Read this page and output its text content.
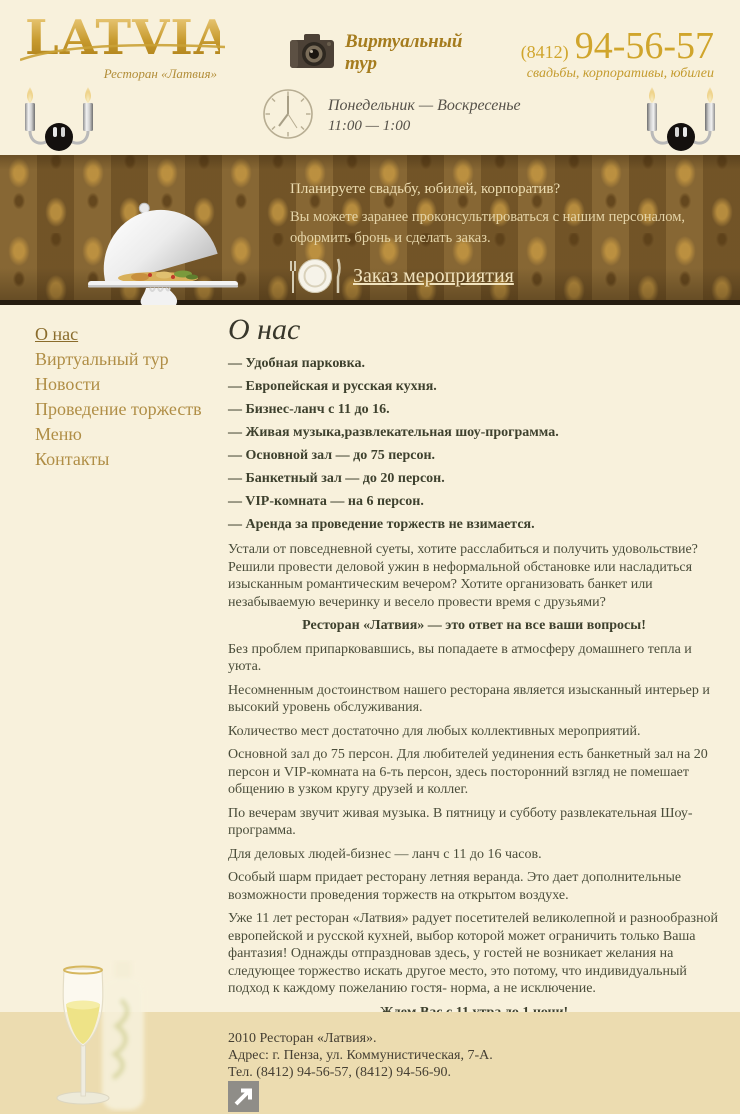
LATVIA
Ресторан «Латвия»
Виртуальный тур
(8412) 94-56-57
свадьбы, корпоративы, юбилеи
Понедельник — Воскресенье
11:00 — 1:00

Планируете свадьбу, юбилей, корпоратив?

Вы можете заранее проконсультироваться с нашим персоналом, оформить бронь и сделать заказ.

Заказ мероприятия
О нас
Виртуальный тур
Новости
Проведение торжеств
Меню
Контакты
О нас

— Удобная парковка.

— Европейская и русская кухня.

— Бизнес-ланч с 11 до 16.

— Живая музыка,развлекательная шоу-программа.

— Основной зал — до 75 персон.

— Банкетный зал — до 20 персон.

— VIP-комната — на 6 персон.

— Аренда за проведение торжеств не взимается.

Устали от повседневной суеты, хотите расслабиться и получить удовольствие? Решили провести деловой ужин в неформальной обстановке или насладиться изысканным романтическим вечером? Хотите организовать банкет или незабываемую вечеринку и весело провести время с друзьями?

Ресторан «Латвия» — это ответ на все ваши вопросы!

Без проблем припарковавшись, вы попадаете в атмосферу домашнего тепла и уюта.

Несомненным достоинством нашего ресторана является изысканный интерьер и высокий уровень обслуживания.

Количество мест достаточно для любых коллективных мероприятий.

Основной зал до 75 персон. Для любителей уединения есть банкетный зал на 20 персон и VIP-комната на 6-ть персон, здесь посторонний взгляд не помешает общению в узком кругу друзей и коллег.

По вечерам звучит живая музыка. В пятницу и субботу развлекательная Шоу-программа.

Для деловых людей-бизнес — ланч с 11 до 16 часов.

Особый шарм придает ресторану летняя веранда. Это дает дополнительные возможности проведения торжеств на открытом воздухе.

Уже 11 лет ресторан «Латвия» радует посетителей великолепной и разнообразной европейской и русской кухней, выбор которой может ограничить только Ваша фантазия! Однажды отпраздновав здесь, у гостей не возникает желания на следующее торжество искать другое место, это потому, что индивидуальный подход к каждому пожеланию гостя- норма, а не исключение.

2010 Ресторан «Латвия».
Адрес: г. Пенза, ул. Коммунистическая, 7-А.
Тел. (8412) 94-56-57, (8412) 94-56-90.
